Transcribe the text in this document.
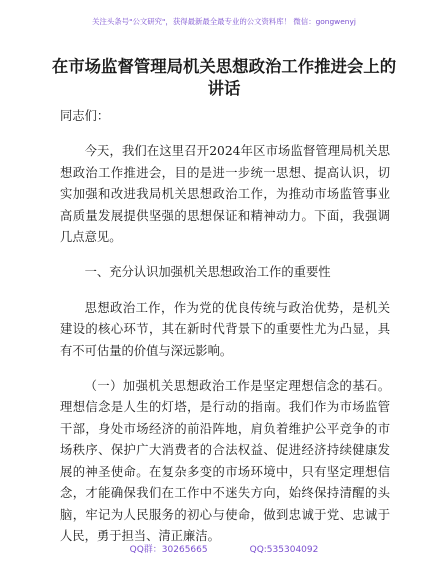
关注头条号"公文研究"，获得最新最全最专业的公文资料库！ 微信：gongwenyj
在市场监督管理局机关思想政治工作推进会上的讲话

同志们：

今天，我们在这里召开2024年区市场监督管理局机关思想政治工作推进会，目的是进一步统一思想、提高认识，切实加强和改进我局机关思想政治工作，为推动市场监管事业高质量发展提供坚强的思想保证和精神动力。下面，我强调几点意见。

一、充分认识加强机关思想政治工作的重要性

思想政治工作，作为党的优良传统与政治优势，是机关建设的核心环节，其在新时代背景下的重要性尤为凸显，具有不可估量的价值与深远影响。

（一）加强机关思想政治工作是坚定理想信念的基石。理想信念是人生的灯塔，是行动的指南。我们作为市场监管干部，身处市场经济的前沿阵地，肩负着维护公平竞争的市场秩序、保护广大消费者的合法权益、促进经济持续健康发展的神圣使命。在复杂多变的市场环境中，只有坚定理想信念，才能确保我们在工作中不迷失方向，始终保持清醒的头脑，牢记为人民服务的初心与使命，做到忠诚于党、忠诚于人民，勇于担当、清正廉洁。

QQ群：30265665	QQ:535304092
